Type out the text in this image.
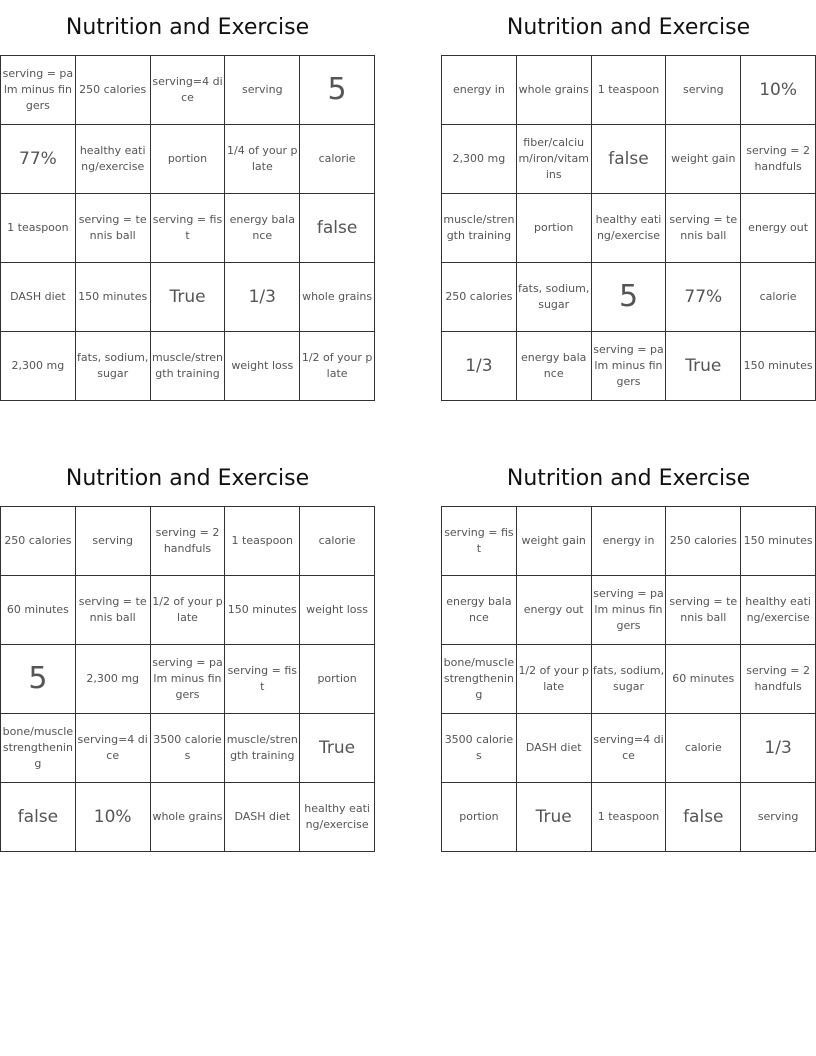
Nutrition and Exercise
serving = palm minus fingers	250 calories	serving=4 dice	serving	5
77%	healthy eating/exercise	portion	1/4 of your plate	calorie
1 teaspoon	serving = tennis ball	serving = fist	energy balance	false
DASH diet	150 minutes	True	1/3	whole grains
2,300 mg	fats, sodium, sugar	muscle/strength training	weight loss	1/2 of your plate
Nutrition and Exercise
energy in	whole grains	1 teaspoon	serving	10%
2,300 mg	fiber/calcium/iron/vitamins	false	weight gain	serving = 2 handfuls
muscle/strength training	portion	healthy eating/exercise	serving = tennis ball	energy out
250 calories	fats, sodium, sugar	5	77%	calorie
1/3	energy balance	serving = palm minus fingers	True	150 minutes
Nutrition and Exercise
250 calories	serving	serving = 2 handfuls	1 teaspoon	calorie
60 minutes	serving = tennis ball	1/2 of your plate	150 minutes	weight loss
5	2,300 mg	serving = palm minus fingers	serving = fist	portion
bone/muscle strengthening	serving=4 dice	3500 calories	muscle/strength training	True
false	10%	whole grains	DASH diet	healthy eating/exercise
Nutrition and Exercise
serving = fist	weight gain	energy in	250 calories	150 minutes
energy balance	energy out	serving = palm minus fingers	serving = tennis ball	healthy eating/exercise
bone/muscle strengthening	1/2 of your plate	fats, sodium, sugar	60 minutes	serving = 2 handfuls
3500 calories	DASH diet	serving=4 dice	calorie	1/3
portion	True	1 teaspoon	false	serving
